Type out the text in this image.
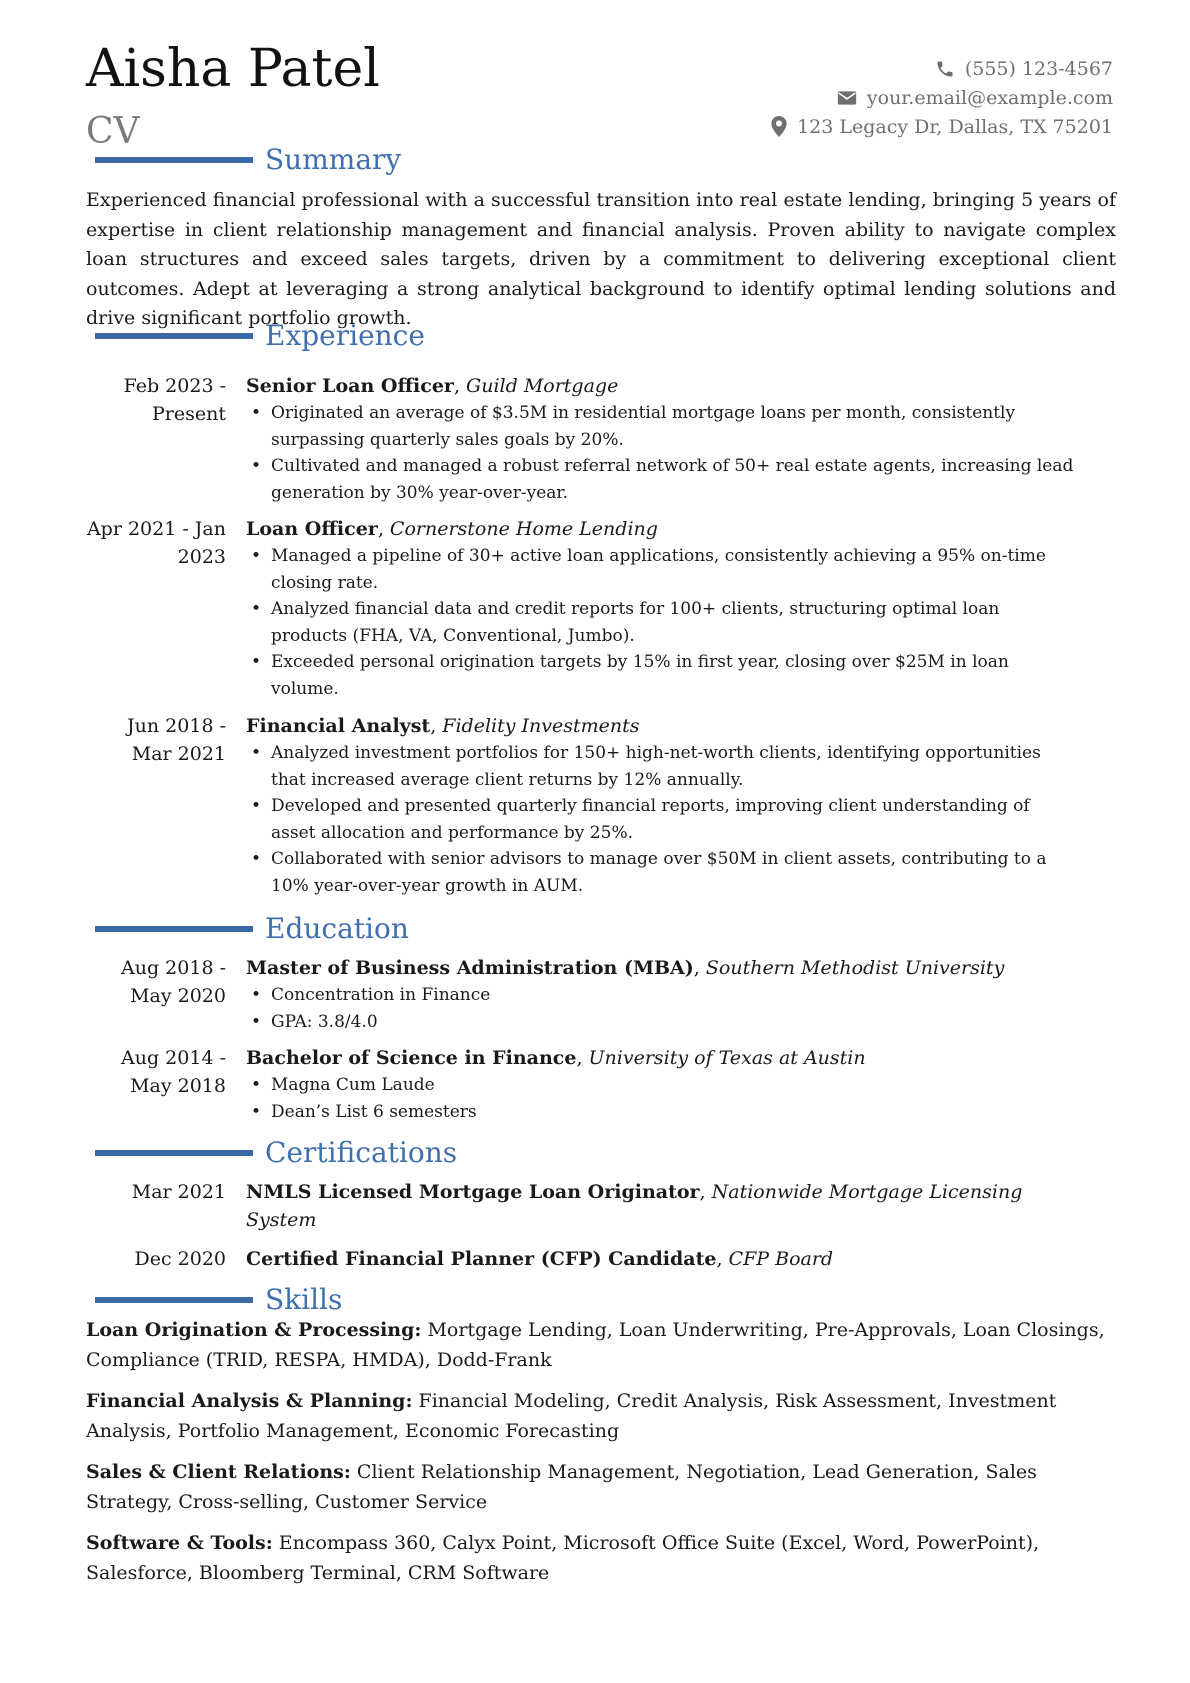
Aisha Patel
CV
(555) 123-4567
your.email@example.com
123 Legacy Dr, Dallas, TX 75201
Summary

Experienced financial professional with a successful transition into real estate lending, bringing 5 years of expertise in client relationship management and financial analysis. Proven ability to navigate complex loan structures and exceed sales targets, driven by a commitment to delivering exceptional client outcomes. Adept at leveraging a strong analytical background to identify optimal lending solutions and drive significant portfolio growth.

Experience
Feb 2023 - Present
Senior Loan Officer, Guild Mortgage
• Originated an average of $3.5M in residential mortgage loans per month, consistently surpassing quarterly sales goals by 20%.
• Cultivated and managed a robust referral network of 50+ real estate agents, increasing lead generation by 30% year-over-year.
Apr 2021 - Jan 2023
Loan Officer, Cornerstone Home Lending
• Managed a pipeline of 30+ active loan applications, consistently achieving a 95% on-time closing rate.
• Analyzed financial data and credit reports for 100+ clients, structuring optimal loan products (FHA, VA, Conventional, Jumbo).
• Exceeded personal origination targets by 15% in first year, closing over $25M in loan volume.
Jun 2018 - Mar 2021
Financial Analyst, Fidelity Investments
• Analyzed investment portfolios for 150+ high-net-worth clients, identifying opportunities that increased average client returns by 12% annually.
• Developed and presented quarterly financial reports, improving client understanding of asset allocation and performance by 25%.
• Collaborated with senior advisors to manage over $50M in client assets, contributing to a 10% year-over-year growth in AUM.
Education
Aug 2018 - May 2020
Master of Business Administration (MBA), Southern Methodist University
• Concentration in Finance
• GPA: 3.8/4.0
Aug 2014 - May 2018
Bachelor of Science in Finance, University of Texas at Austin
• Magna Cum Laude
• Dean’s List 6 semesters
Certifications
Mar 2021	NMLS Licensed Mortgage Loan Originator, Nationwide Mortgage Licensing System
Dec 2020	Certified Financial Planner (CFP) Candidate, CFP Board
Skills

Loan Origination & Processing: Mortgage Lending, Loan Underwriting, Pre-Approvals, Loan Closings, Compliance (TRID, RESPA, HMDA), Dodd-Frank

Financial Analysis & Planning: Financial Modeling, Credit Analysis, Risk Assessment, Investment Analysis, Portfolio Management, Economic Forecasting

Sales & Client Relations: Client Relationship Management, Negotiation, Lead Generation, Sales Strategy, Cross-selling, Customer Service

Software & Tools: Encompass 360, Calyx Point, Microsoft Office Suite (Excel, Word, PowerPoint), Salesforce, Bloomberg Terminal, CRM Software
